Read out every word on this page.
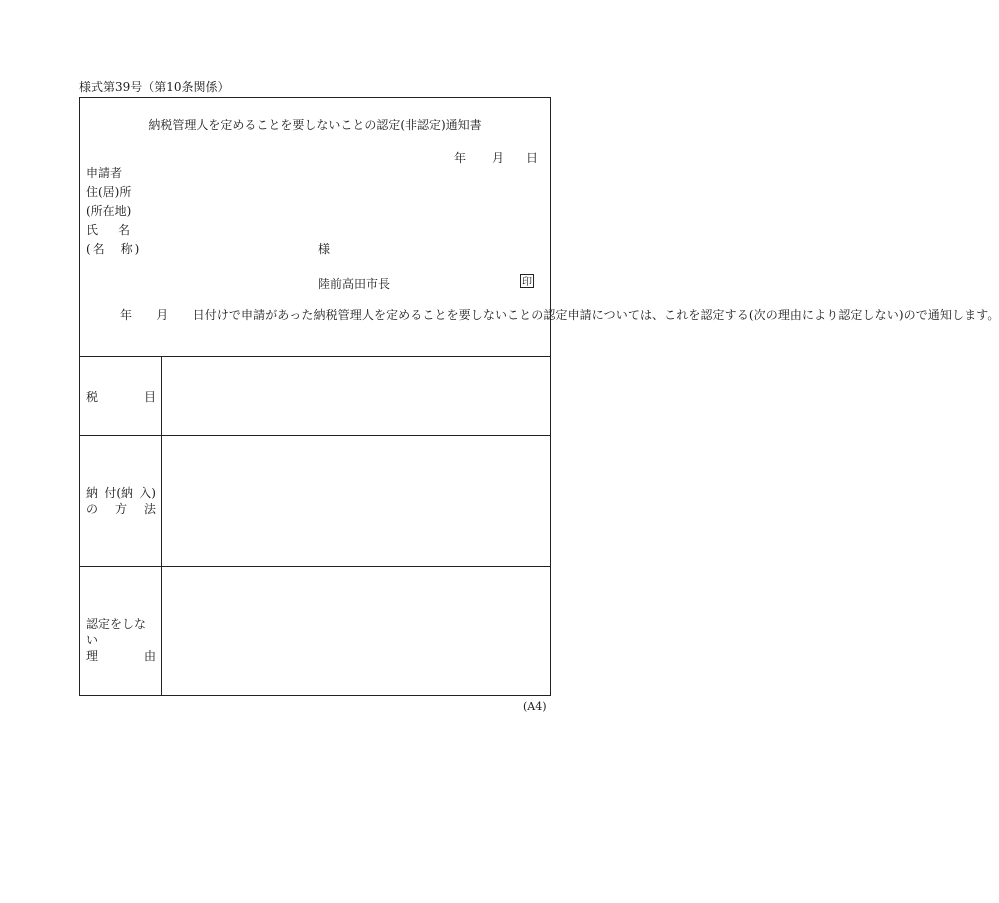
様式第39号（第10条関係）
納税管理人を定めることを要しないことの認定(非認定)通知書
年 月 日
申請者
住(居)所
(所在地)
氏名
(名　称)	様
陸前高田市長	印
年　　月　　日付けで申請があった納税管理人を定めることを要しないことの認定申請については、これを認定する(次の理由により認定しない)ので通知します。
税	目
納 付(納 入)
の 方 法
認定をしない
理	由
(A4)
